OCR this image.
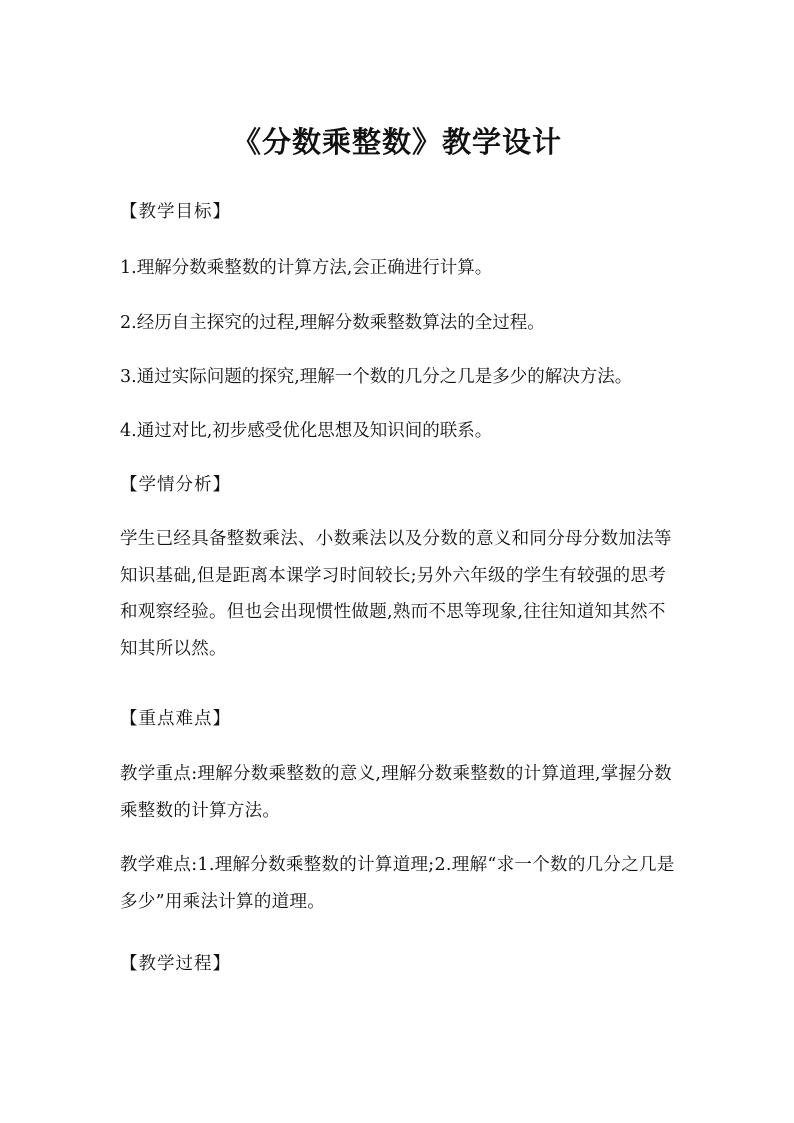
《分数乘整数》教学设计
【教学目标】
1.理解分数乘整数的计算方法,会正确进行计算。
2.经历自主探究的过程,理解分数乘整数算法的全过程。
3.通过实际问题的探究,理解一个数的几分之几是多少的解决方法。
4.通过对比,初步感受优化思想及知识间的联系。
【学情分析】
学生已经具备整数乘法、小数乘法以及分数的意义和同分母分数加法等知识基础,但是距离本课学习时间较长;另外六年级的学生有较强的思考和观察经验。但也会出现惯性做题,熟而不思等现象,往往知道知其然不知其所以然。
【重点难点】
教学重点:理解分数乘整数的意义,理解分数乘整数的计算道理,掌握分数乘整数的计算方法。
教学难点:1.理解分数乘整数的计算道理;2.理解“求一个数的几分之几是多少”用乘法计算的道理。
【教学过程】
